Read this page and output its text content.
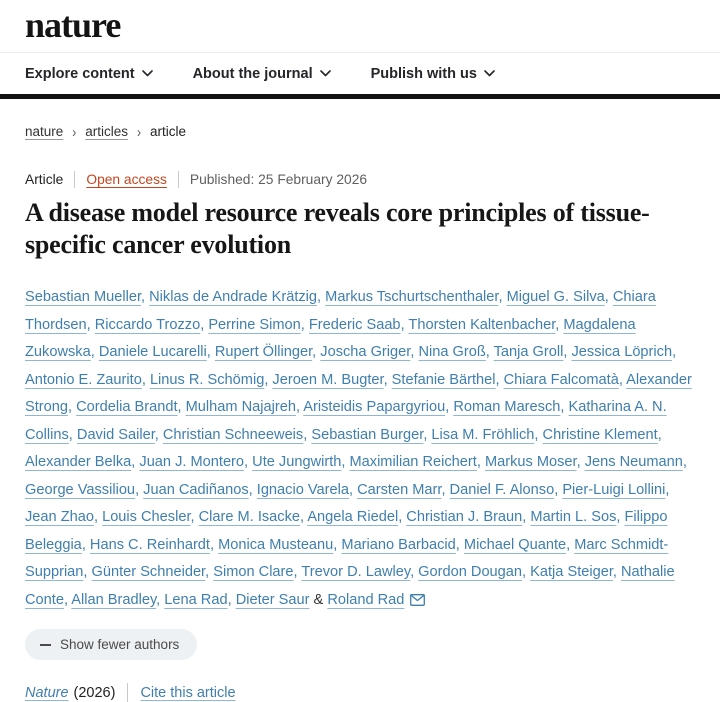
nature
Explore content	About the journal	Publish with us
nature › articles › article
Article Open access Published: 25 February 2026
A disease model resource reveals core principles of tissue-specific cancer evolution

Sebastian Mueller, Niklas de Andrade Krätzig, Markus Tschurtschenthaler, Miguel G. Silva, Chiara Thordsen, Riccardo Trozzo, Perrine Simon, Frederic Saab, Thorsten Kaltenbacher, Magdalena Zukowska, Daniele Lucarelli, Rupert Öllinger, Joscha Griger, Nina Groß, Tanja Groll, Jessica Löprich, Antonio E. Zaurito, Linus R. Schömig, Jeroen M. Bugter, Stefanie Bärthel, Chiara Falcomatà, Alexander Strong, Cordelia Brandt, Mulham Najajreh, Aristeidis Papargyriou, Roman Maresch, Katharina A. N. Collins, David Sailer, Christian Schneeweis, Sebastian Burger, Lisa M. Fröhlich, Christine Klement, Alexander Belka, Juan J. Montero, Ute Jungwirth, Maximilian Reichert, Markus Moser, Jens Neumann, George Vassiliou, Juan Cadiñanos, Ignacio Varela, Carsten Marr, Daniel F. Alonso, Pier-Luigi Lollini, Jean Zhao, Louis Chesler, Clare M. Isacke, Angela Riedel, Christian J. Braun, Martin L. Sos, Filippo Beleggia, Hans C. Reinhardt, Monica Musteanu, Mariano Barbacid, Michael Quante, Marc Schmidt-Supprian, Günter Schneider, Simon Clare, Trevor D. Lawley, Gordon Dougan, Katja Steiger, Nathalie Conte, Allan Bradley, Lena Rad, Dieter Saur & Roland Rad

Show fewer authors
Nature (2026) Cite this article
